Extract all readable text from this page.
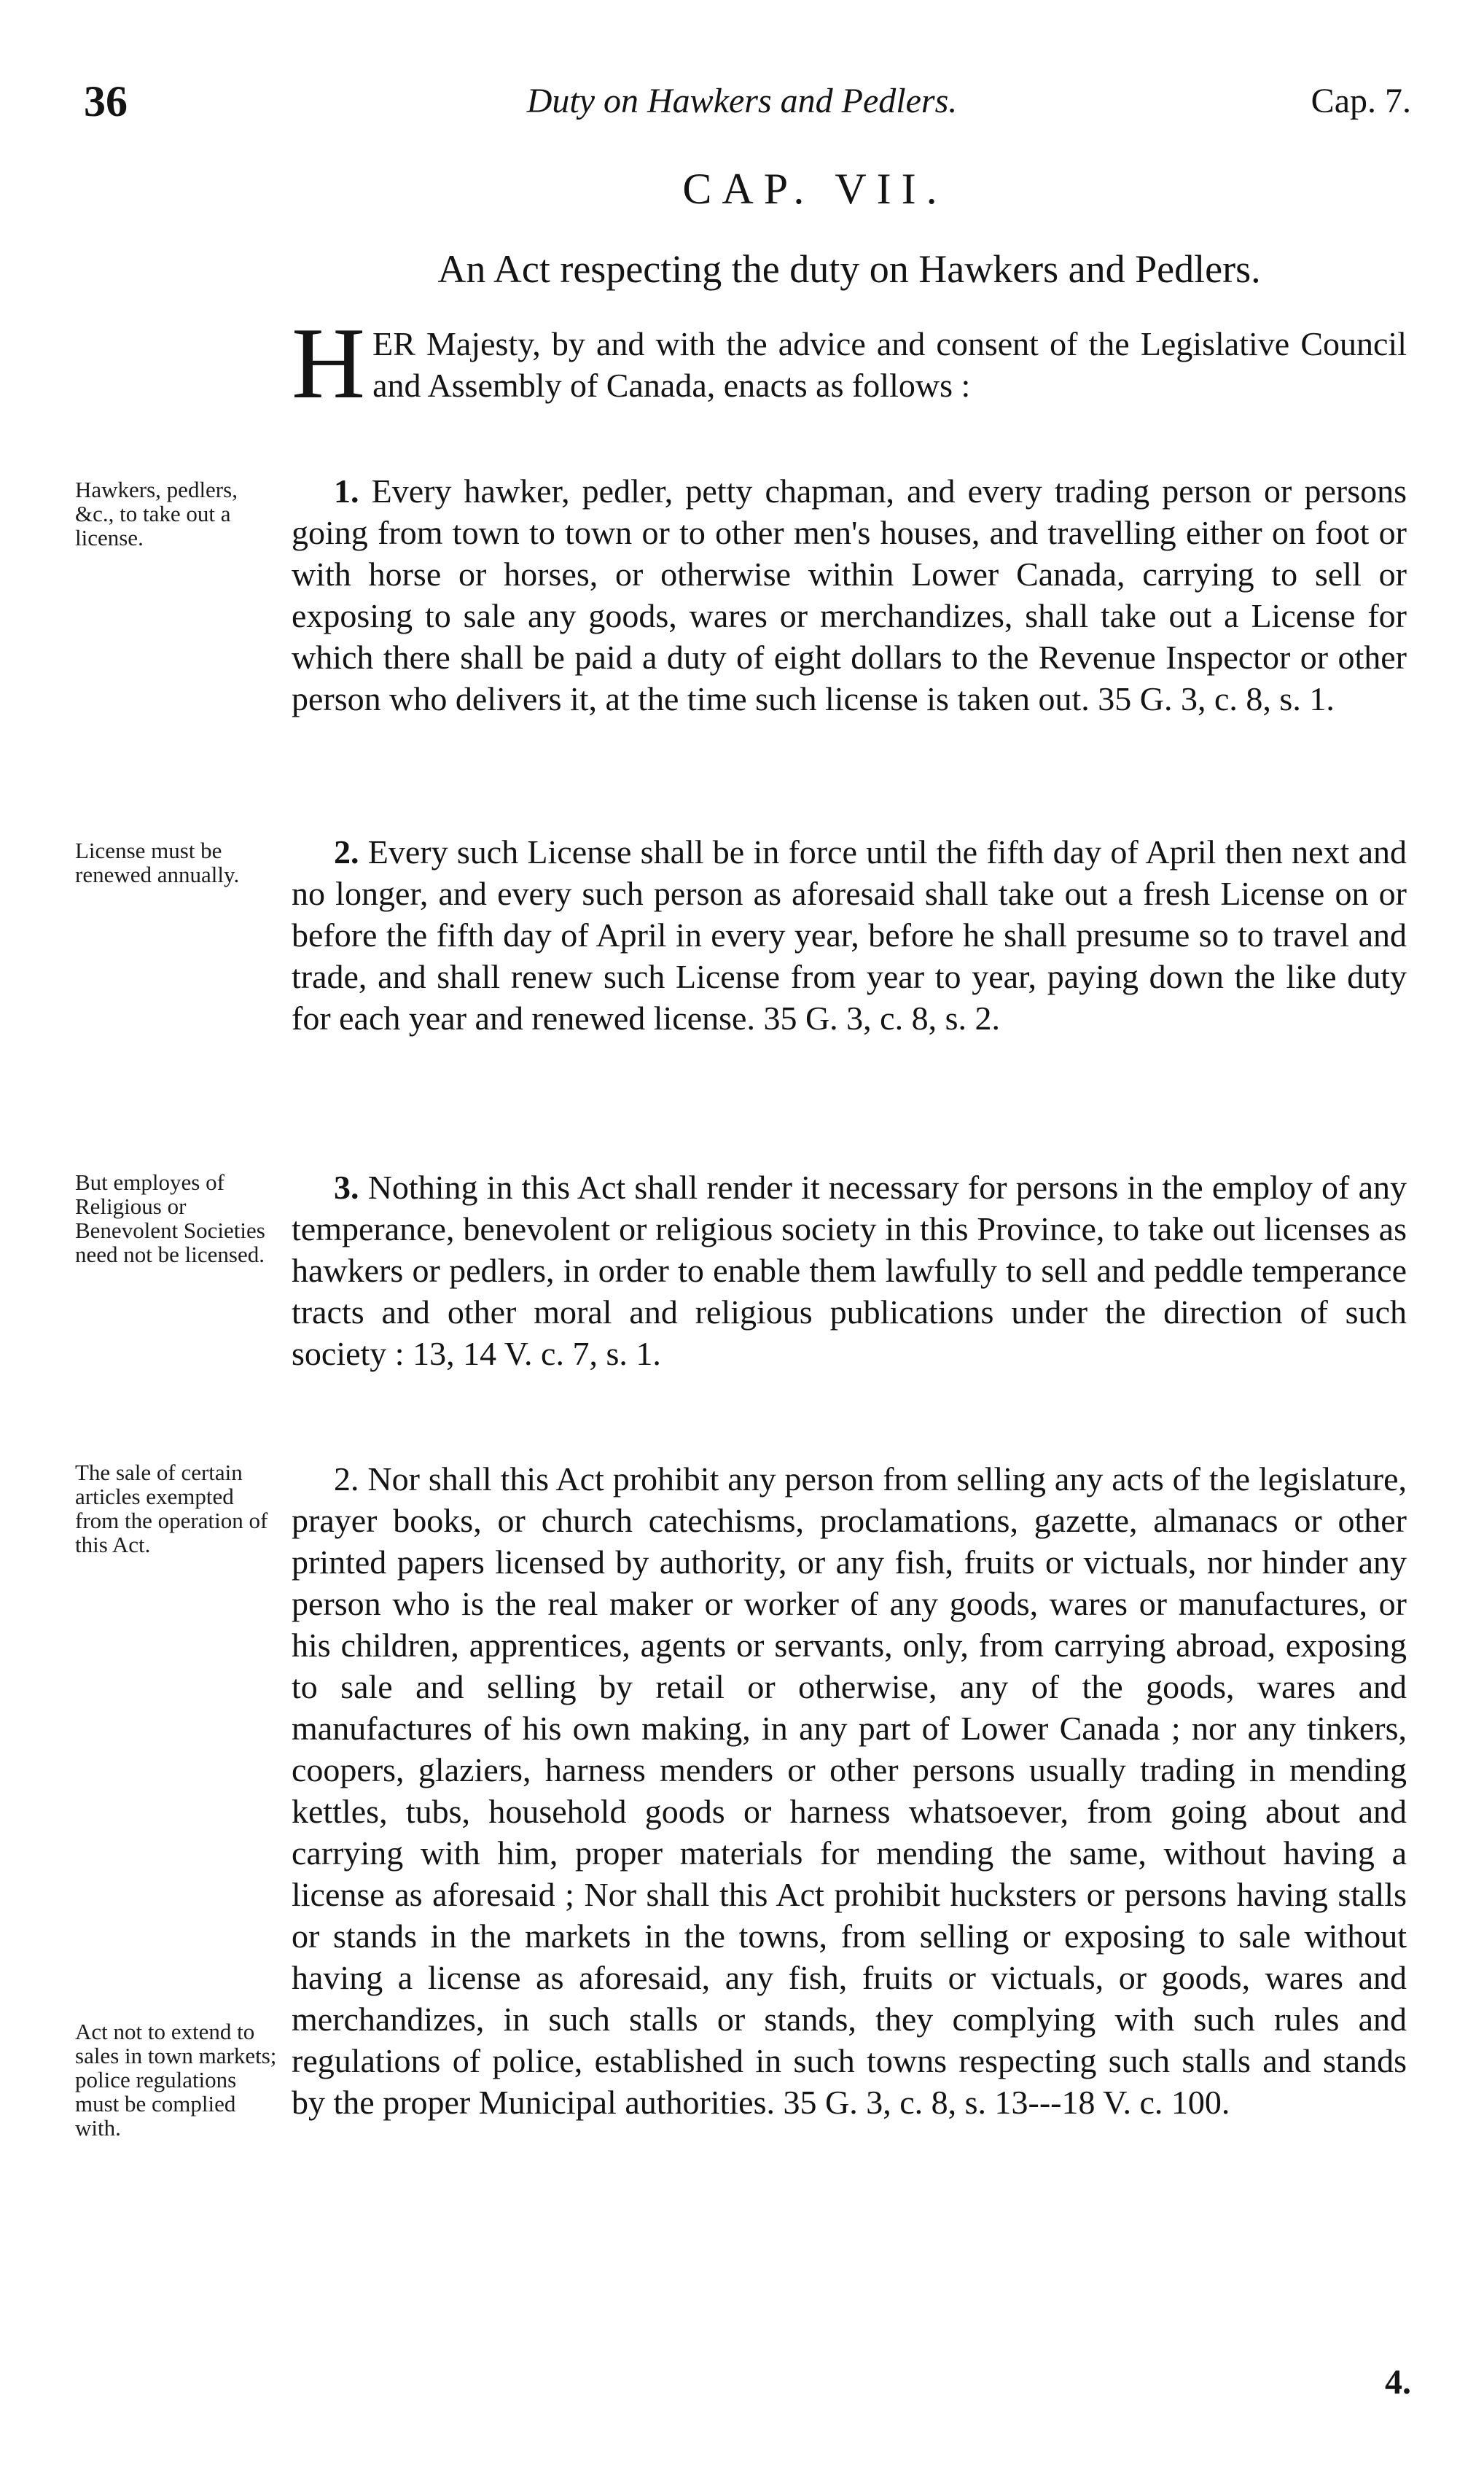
36	Duty on Hawkers and Pedlers.	Cap. 7.
CAP. VII.
An Act respecting the duty on Hawkers and Pedlers.
HER Majesty, by and with the advice and consent of the Legislative Council and Assembly of Canada, enacts as follows :
Hawkers, pedlers, &c., to take out a license.
1. Every hawker, pedler, petty chapman, and every trading person or persons going from town to town or to other men's houses, and travelling either on foot or with horse or horses, or otherwise within Lower Canada, carrying to sell or exposing to sale any goods, wares or merchandizes, shall take out a License for which there shall be paid a duty of eight dollars to the Revenue Inspector or other person who delivers it, at the time such license is taken out. 35 G. 3, c. 8, s. 1.
License must be renewed annually.
2. Every such License shall be in force until the fifth day of April then next and no longer, and every such person as aforesaid shall take out a fresh License on or before the fifth day of April in every year, before he shall presume so to travel and trade, and shall renew such License from year to year, paying down the like duty for each year and renewed license. 35 G. 3, c. 8, s. 2.
But employes of Religious or Benevolent Societies need not be licensed.
3. Nothing in this Act shall render it necessary for persons in the employ of any temperance, benevolent or religious society in this Province, to take out licenses as hawkers or pedlers, in order to enable them lawfully to sell and peddle temperance tracts and other moral and religious publications under the direction of such society : 13, 14 V. c. 7, s. 1.
The sale of certain articles exempted from the operation of this Act.
Act not to extend to sales in town markets; police regulations must be complied with.
2. Nor shall this Act prohibit any person from selling any acts of the legislature, prayer books, or church catechisms, proclamations, gazette, almanacs or other printed papers licensed by authority, or any fish, fruits or victuals, nor hinder any person who is the real maker or worker of any goods, wares or manufactures, or his children, apprentices, agents or servants, only, from carrying abroad, exposing to sale and selling by retail or otherwise, any of the goods, wares and manufactures of his own making, in any part of Lower Canada ; nor any tinkers, coopers, glaziers, harness menders or other persons usually trading in mending kettles, tubs, household goods or harness whatsoever, from going about and carrying with him, proper materials for mending the same, without having a license as aforesaid ; Nor shall this Act prohibit hucksters or persons having stalls or stands in the markets in the towns, from selling or exposing to sale without having a license as aforesaid, any fish, fruits or victuals, or goods, wares and merchandizes, in such stalls or stands, they complying with such rules and regulations of police, established in such towns respecting such stalls and stands by the proper Municipal authorities. 35 G. 3, c. 8, s. 13---18 V. c. 100.
4.
